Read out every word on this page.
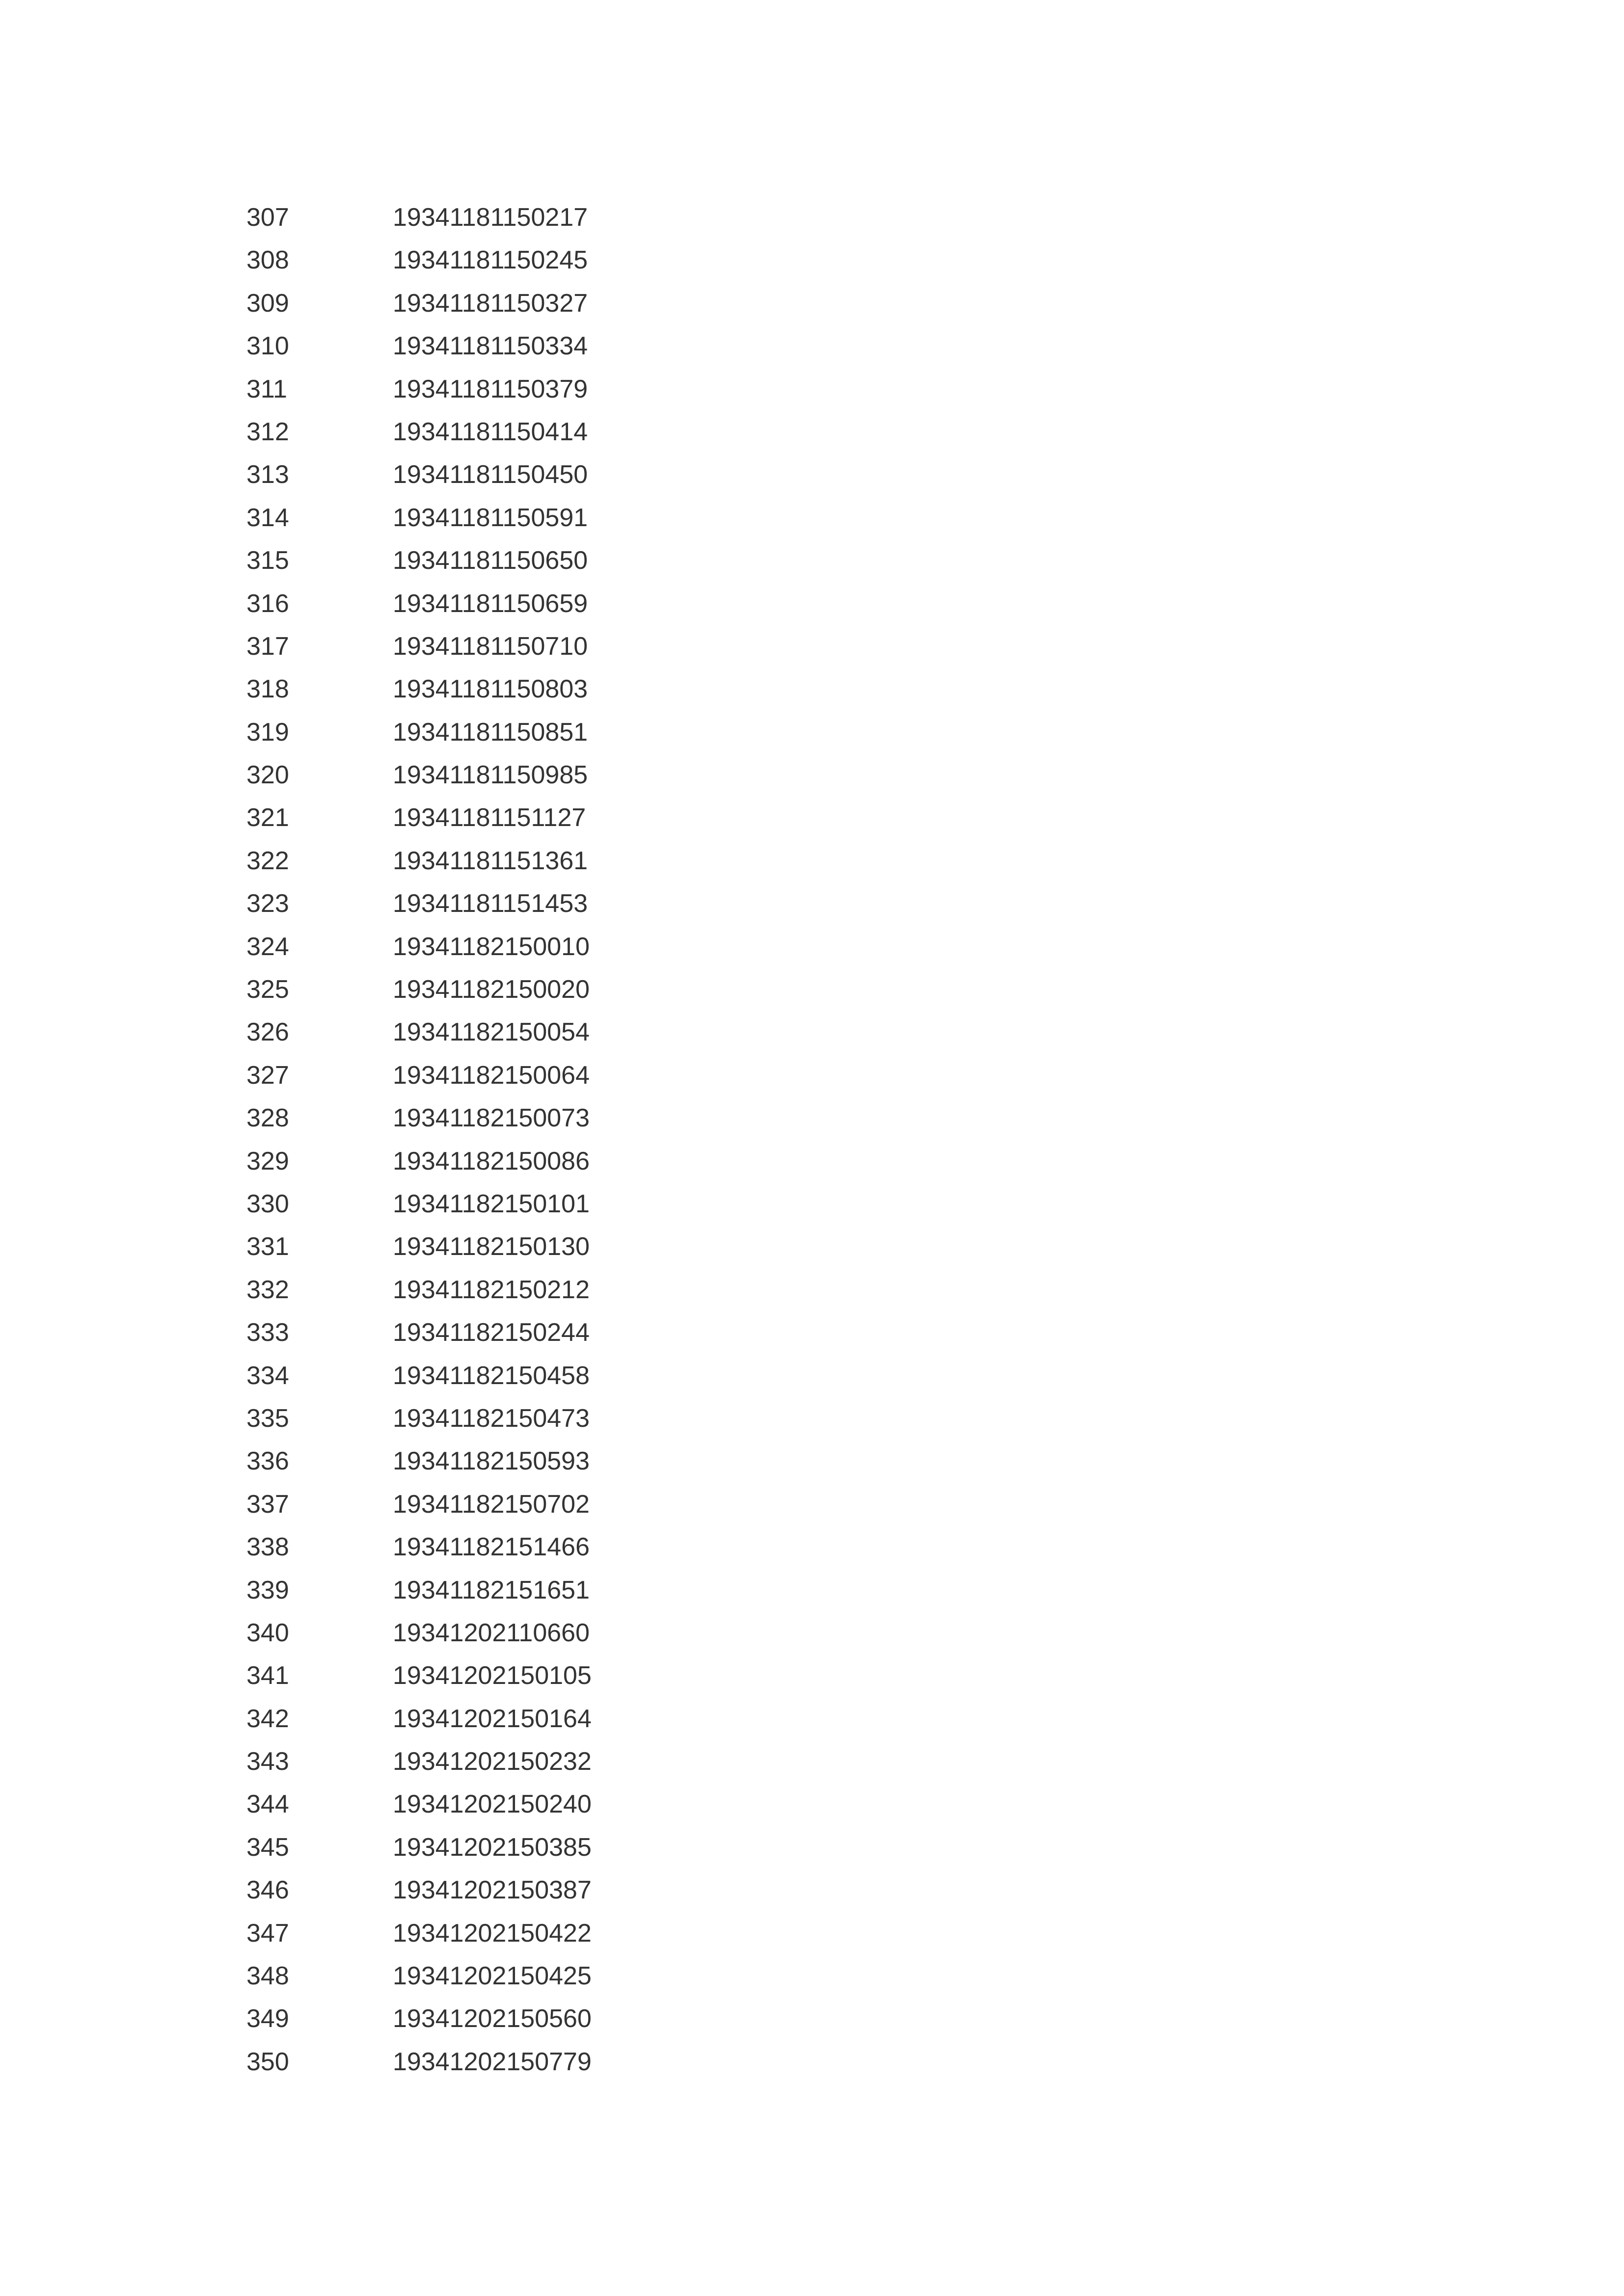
307	19341181150217
308	19341181150245
309	19341181150327
310	19341181150334
311	19341181150379
312	19341181150414
313	19341181150450
314	19341181150591
315	19341181150650
316	19341181150659
317	19341181150710
318	19341181150803
319	19341181150851
320	19341181150985
321	19341181151127
322	19341181151361
323	19341181151453
324	19341182150010
325	19341182150020
326	19341182150054
327	19341182150064
328	19341182150073
329	19341182150086
330	19341182150101
331	19341182150130
332	19341182150212
333	19341182150244
334	19341182150458
335	19341182150473
336	19341182150593
337	19341182150702
338	19341182151466
339	19341182151651
340	19341202110660
341	19341202150105
342	19341202150164
343	19341202150232
344	19341202150240
345	19341202150385
346	19341202150387
347	19341202150422
348	19341202150425
349	19341202150560
350	19341202150779
